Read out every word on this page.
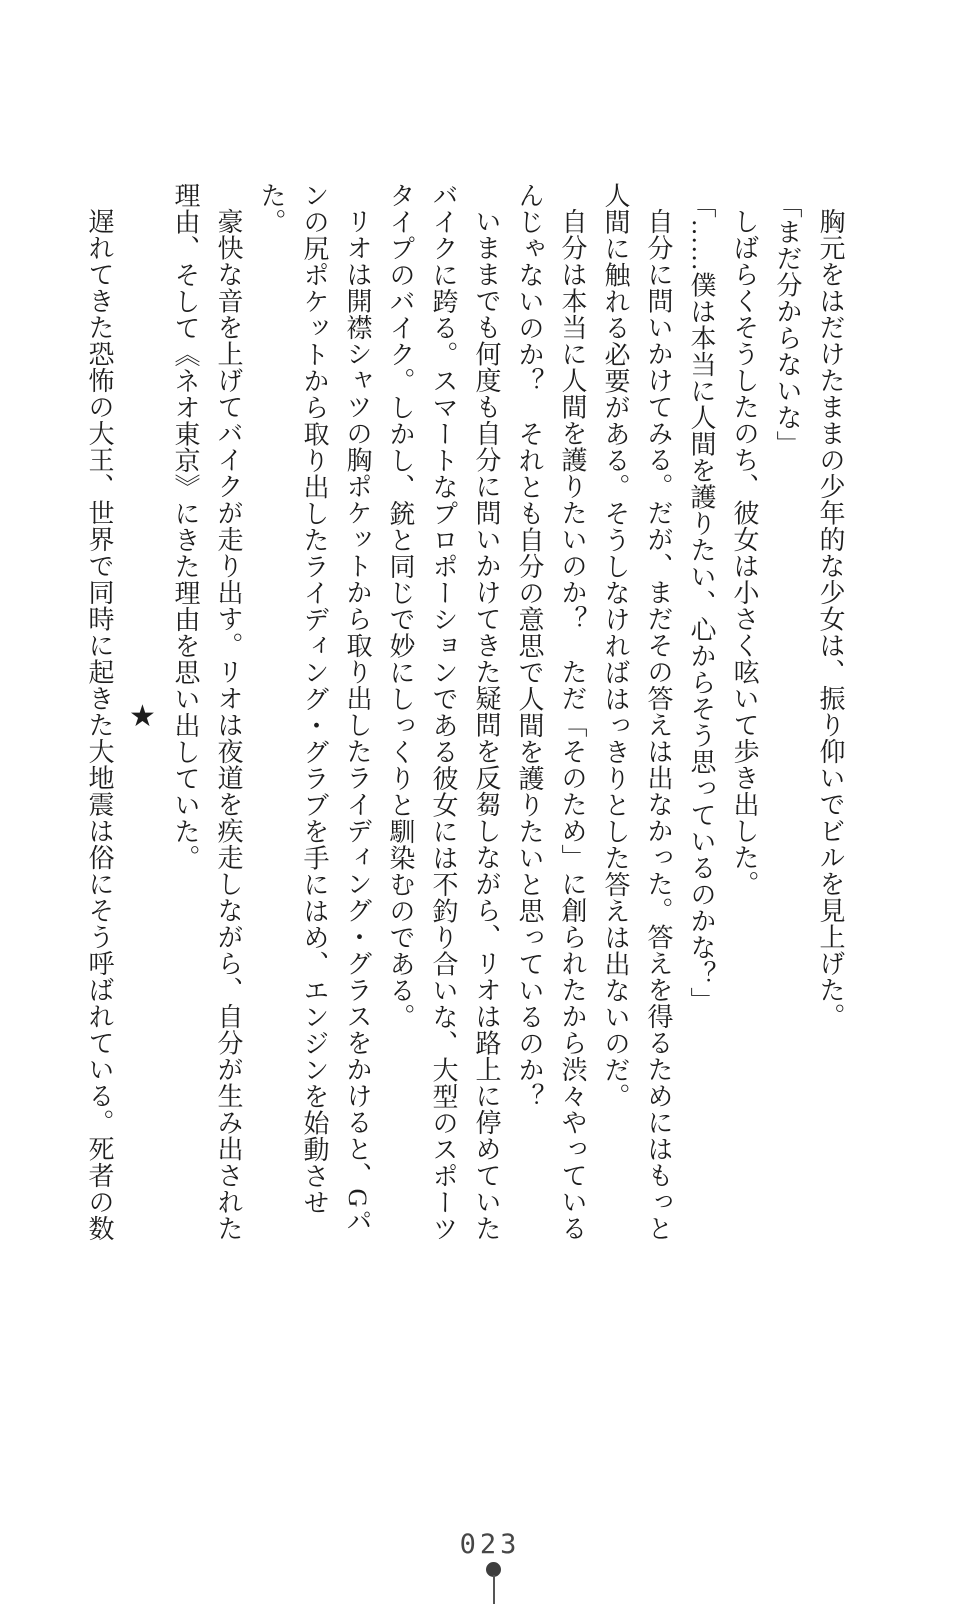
胸元をはだけたままの少年的な少女は、振り仰いでビルを見上げた。

「まだ分からないな」

しばらくそうしたのち、彼女は小さく呟いて歩き出した。

「……僕は本当に人間を護りたい、心からそう思っているのかな？」

自分に問いかけてみる。だが、まだその答えは出なかった。答えを得るためにはもっと人間に触れる必要がある。そうしなければはっきりとした答えは出ないのだ。

自分は本当に人間を護りたいのか？　ただ「そのため」に創られたから渋々やっているんじゃないのか？　それとも自分の意思で人間を護りたいと思っているのか？

いままでも何度も自分に問いかけてきた疑問を反芻しながら、リオは路上に停めていたバイクに跨る。スマートなプロポーションである彼女には不釣り合いな、大型のスポーツタイプのバイク。しかし、銃と同じで妙にしっくりと馴染むのである。

リオは開襟シャツの胸ポケットから取り出したライディング・グラスをかけると、Gパンの尻ポケットから取り出したライディング・グラブを手にはめ、エンジンを始動させた。

豪快な音を上げてバイクが走り出す。リオは夜道を疾走しながら、自分が生み出された理由、そして《ネオ東京》にきた理由を思い出していた。

★

遅れてきた恐怖の大王、世界で同時に起きた大地震は俗にそう呼ばれている。死者の数

023
